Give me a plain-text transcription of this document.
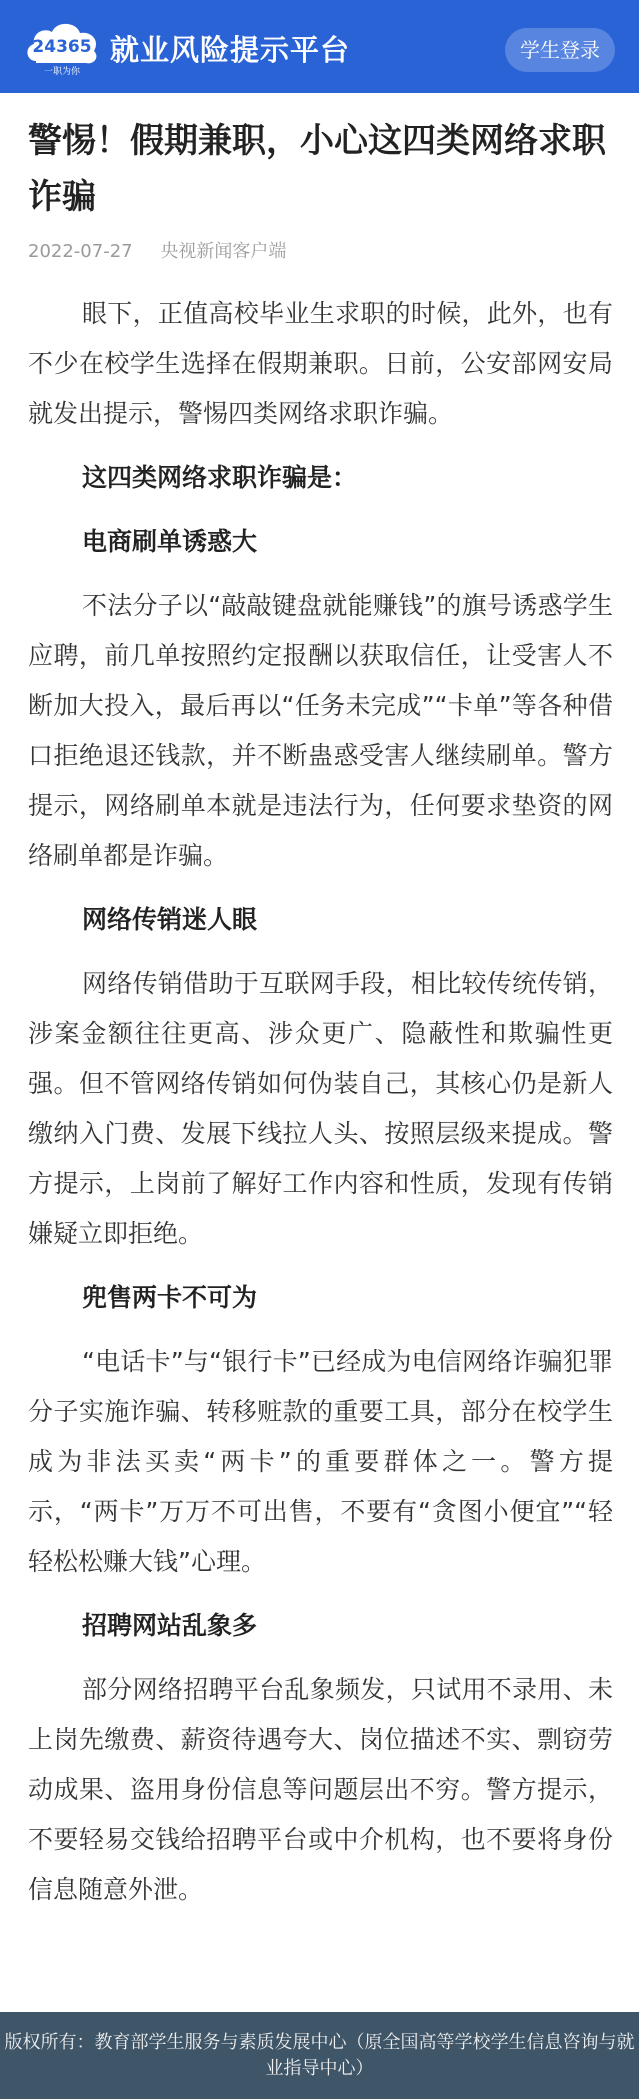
24365
一职为你
就业风险提示平台	学生登录
警惕！假期兼职，小心这四类网络求职诈骗
2022-07-27 央视新闻客户端

眼下，正值高校毕业生求职的时候，此外，也有不少在校学生选择在假期兼职。日前，公安部网安局就发出提示，警惕四类网络求职诈骗。

这四类网络求职诈骗是：

电商刷单诱惑大

不法分子以“敲敲键盘就能赚钱”的旗号诱惑学生应聘，前几单按照约定报酬以获取信任，让受害人不断加大投入，最后再以“任务未完成”“卡单”等各种借口拒绝退还钱款，并不断蛊惑受害人继续刷单。警方提示，网络刷单本就是违法行为，任何要求垫资的网络刷单都是诈骗。

网络传销迷人眼

网络传销借助于互联网手段，相比较传统传销，涉案金额往往更高、涉众更广、隐蔽性和欺骗性更强。但不管网络传销如何伪装自己，其核心仍是新人缴纳入门费、发展下线拉人头、按照层级来提成。警方提示，上岗前了解好工作内容和性质，发现有传销嫌疑立即拒绝。

兜售两卡不可为

“电话卡”与“银行卡”已经成为电信网络诈骗犯罪分子实施诈骗、转移赃款的重要工具，部分在校学生成为非法买卖“两卡”的重要群体之一。警方提示，“两卡”万万不可出售，不要有“贪图小便宜”“轻轻松松赚大钱”心理。

招聘网站乱象多

部分网络招聘平台乱象频发，只试用不录用、未上岗先缴费、薪资待遇夸大、岗位描述不实、剽窃劳动成果、盗用身份信息等问题层出不穷。警方提示，不要轻易交钱给招聘平台或中介机构，也不要将身份信息随意外泄。

版权所有：教育部学生服务与素质发展中心（原全国高等学校学生信息咨询与就业指导中心）
